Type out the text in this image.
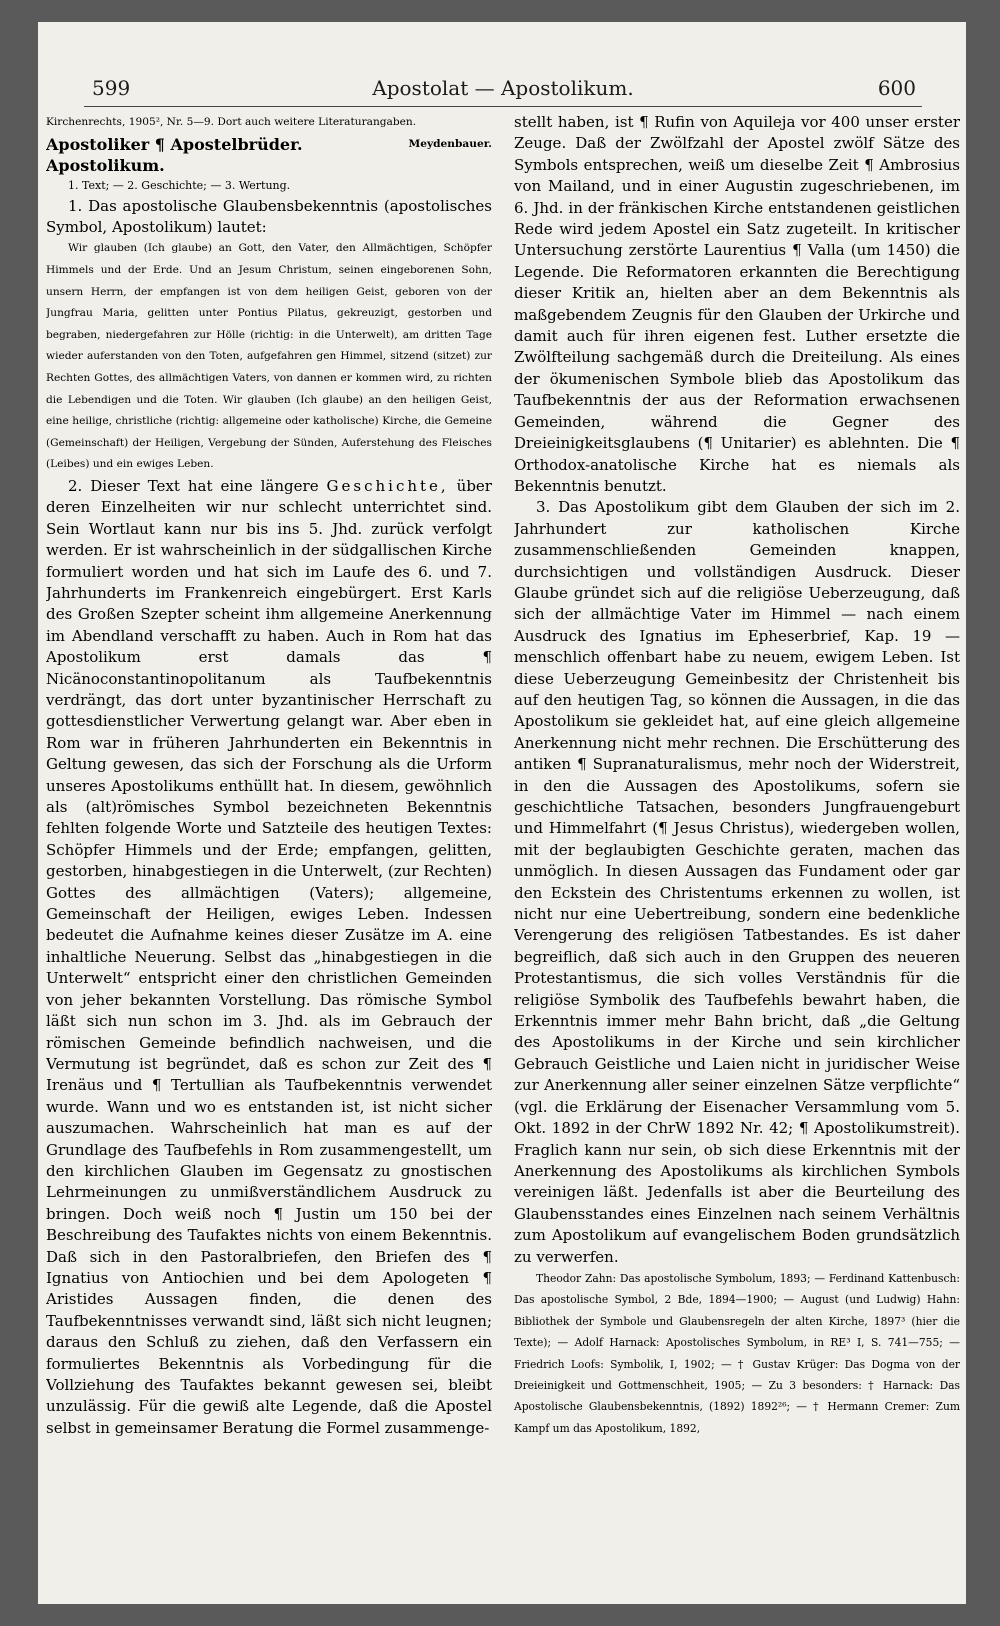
599	Apostolat — Apostolikum.	600

Kirchenrechts, 1905², Nr. 5—9. Dort auch weitere Literaturangaben.
Meydenbauer.

Apostoliker ¶ Apostelbrüder.

Apostolikum.

1. Text; — 2. Geschichte; — 3. Wertung.

1. Das apostolische Glaubensbekenntnis (apostolisches Symbol, Apostolikum) lautet:

Wir glauben (Ich glaube) an Gott, den Vater, den Allmächtigen, Schöpfer Himmels und der Erde. Und an Jesum Christum, seinen eingeborenen Sohn, unsern Herrn, der empfangen ist von dem heiligen Geist, geboren von der Jungfrau Maria, gelitten unter Pontius Pilatus, gekreuzigt, gestorben und begraben, niedergefahren zur Hölle (richtig: in die Unterwelt), am dritten Tage wieder auferstanden von den Toten, aufgefahren gen Himmel, sitzend (sitzet) zur Rechten Gottes, des allmächtigen Vaters, von dannen er kommen wird, zu richten die Lebendigen und die Toten. Wir glauben (Ich glaube) an den heiligen Geist, eine heilige, christliche (richtig: allgemeine oder katholische) Kirche, die Gemeine (Gemeinschaft) der Heiligen, Vergebung der Sünden, Auferstehung des Fleisches (Leibes) und ein ewiges Leben.

2. Dieser Text hat eine längere Geschichte, über deren Einzelheiten wir nur schlecht unterrichtet sind. Sein Wortlaut kann nur bis ins 5. Jhd. zurück verfolgt werden. Er ist wahrscheinlich in der südgallischen Kirche formuliert worden und hat sich im Laufe des 6. und 7. Jahrhunderts im Frankenreich eingebürgert. Erst Karls des Großen Szepter scheint ihm allgemeine Anerkennung im Abendland verschafft zu haben. Auch in Rom hat das Apostolikum erst damals das ¶ Nicänoconstantinopolitanum als Taufbekenntnis verdrängt, das dort unter byzantinischer Herrschaft zu gottesdienstlicher Verwertung gelangt war. Aber eben in Rom war in früheren Jahrhunderten ein Bekenntnis in Geltung gewesen, das sich der Forschung als die Urform unseres Apostolikums enthüllt hat. In diesem, gewöhnlich als (alt)römisches Symbol bezeichneten Bekenntnis fehlten folgende Worte und Satzteile des heutigen Textes: Schöpfer Himmels und der Erde; empfangen, gelitten, gestorben, hinabgestiegen in die Unterwelt, (zur Rechten) Gottes des allmächtigen (Vaters); allgemeine, Gemeinschaft der Heiligen, ewiges Leben. Indessen bedeutet die Aufnahme keines dieser Zusätze im A. eine inhaltliche Neuerung. Selbst das „hinabgestiegen in die Unterwelt“ entspricht einer den christlichen Gemeinden von jeher bekannten Vorstellung. Das römische Symbol läßt sich nun schon im 3. Jhd. als im Gebrauch der römischen Gemeinde befindlich nachweisen, und die Vermutung ist begründet, daß es schon zur Zeit des ¶ Irenäus und ¶ Tertullian als Taufbekenntnis verwendet wurde. Wann und wo es entstanden ist, ist nicht sicher auszumachen. Wahrscheinlich hat man es auf der Grundlage des Taufbefehls in Rom zusammengestellt, um den kirchlichen Glauben im Gegensatz zu gnostischen Lehrmeinungen zu unmißverständlichem Ausdruck zu bringen. Doch weiß noch ¶ Justin um 150 bei der Beschreibung des Taufaktes nichts von einem Bekenntnis. Daß sich in den Pastoralbriefen, den Briefen des ¶ Ignatius von Antiochien und bei dem Apologeten ¶ Aristides Aussagen finden, die denen des Taufbekenntnisses verwandt sind, läßt sich nicht leugnen; daraus den Schluß zu ziehen, daß den Verfassern ein formuliertes Bekenntnis als Vorbedingung für die Vollziehung des Taufaktes bekannt gewesen sei, bleibt unzulässig. Für die gewiß alte Legende, daß die Apostel selbst in gemeinsamer Beratung die Formel zusammenge-

stellt haben, ist ¶ Rufin von Aquileja vor 400 unser erster Zeuge. Daß der Zwölfzahl der Apostel zwölf Sätze des Symbols entsprechen, weiß um dieselbe Zeit ¶ Ambrosius von Mailand, und in einer Augustin zugeschriebenen, im 6. Jhd. in der fränkischen Kirche entstandenen geistlichen Rede wird jedem Apostel ein Satz zugeteilt. In kritischer Untersuchung zerstörte Laurentius ¶ Valla (um 1450) die Legende. Die Reformatoren erkannten die Berechtigung dieser Kritik an, hielten aber an dem Bekenntnis als maßgebendem Zeugnis für den Glauben der Urkirche und damit auch für ihren eigenen fest. Luther ersetzte die Zwölfteilung sachgemäß durch die Dreiteilung. Als eines der ökumenischen Symbole blieb das Apostolikum das Taufbekenntnis der aus der Reformation erwachsenen Gemeinden, während die Gegner des Dreieinigkeitsglaubens (¶ Unitarier) es ablehnten. Die ¶ Orthodox-anatolische Kirche hat es niemals als Bekenntnis benutzt.

3. Das Apostolikum gibt dem Glauben der sich im 2. Jahrhundert zur katholischen Kirche zusammenschließenden Gemeinden knappen, durchsichtigen und vollständigen Ausdruck. Dieser Glaube gründet sich auf die religiöse Ueberzeugung, daß sich der allmächtige Vater im Himmel — nach einem Ausdruck des Ignatius im Epheserbrief, Kap. 19 — menschlich offenbart habe zu neuem, ewigem Leben. Ist diese Ueberzeugung Gemeinbesitz der Christenheit bis auf den heutigen Tag, so können die Aussagen, in die das Apostolikum sie gekleidet hat, auf eine gleich allgemeine Anerkennung nicht mehr rechnen. Die Erschütterung des antiken ¶ Supranaturalismus, mehr noch der Widerstreit, in den die Aussagen des Apostolikums, sofern sie geschichtliche Tatsachen, besonders Jungfrauengeburt und Himmelfahrt (¶ Jesus Christus), wiedergeben wollen, mit der beglaubigten Geschichte geraten, machen das unmöglich. In diesen Aussagen das Fundament oder gar den Eckstein des Christentums erkennen zu wollen, ist nicht nur eine Uebertreibung, sondern eine bedenkliche Verengerung des religiösen Tatbestandes. Es ist daher begreiflich, daß sich auch in den Gruppen des neueren Protestantismus, die sich volles Verständnis für die religiöse Symbolik des Taufbefehls bewahrt haben, die Erkenntnis immer mehr Bahn bricht, daß „die Geltung des Apostolikums in der Kirche und sein kirchlicher Gebrauch Geistliche und Laien nicht in juridischer Weise zur Anerkennung aller seiner einzelnen Sätze verpflichte“ (vgl. die Erklärung der Eisenacher Versammlung vom 5. Okt. 1892 in der ChrW 1892 Nr. 42; ¶ Apostolikumstreit). Fraglich kann nur sein, ob sich diese Erkenntnis mit der Anerkennung des Apostolikums als kirchlichen Symbols vereinigen läßt. Jedenfalls ist aber die Beurteilung des Glaubensstandes eines Einzelnen nach seinem Verhältnis zum Apostolikum auf evangelischem Boden grundsätzlich zu verwerfen.

Theodor Zahn: Das apostolische Symbolum, 1893; — Ferdinand Kattenbusch: Das apostolische Symbol, 2 Bde, 1894—1900; — August (und Ludwig) Hahn: Bibliothek der Symbole und Glaubensregeln der alten Kirche, 1897³ (hier die Texte); — Adolf Harnack: Apostolisches Symbolum, in RE³ I, S. 741—755; — Friedrich Loofs: Symbolik, I, 1902; — † Gustav Krüger: Das Dogma von der Dreieinigkeit und Gottmenschheit, 1905; — Zu 3 besonders: † Harnack: Das Apostolische Glaubensbekenntnis, (1892) 1892²⁶; — † Hermann Cremer: Zum Kampf um das Apostolikum, 1892,
